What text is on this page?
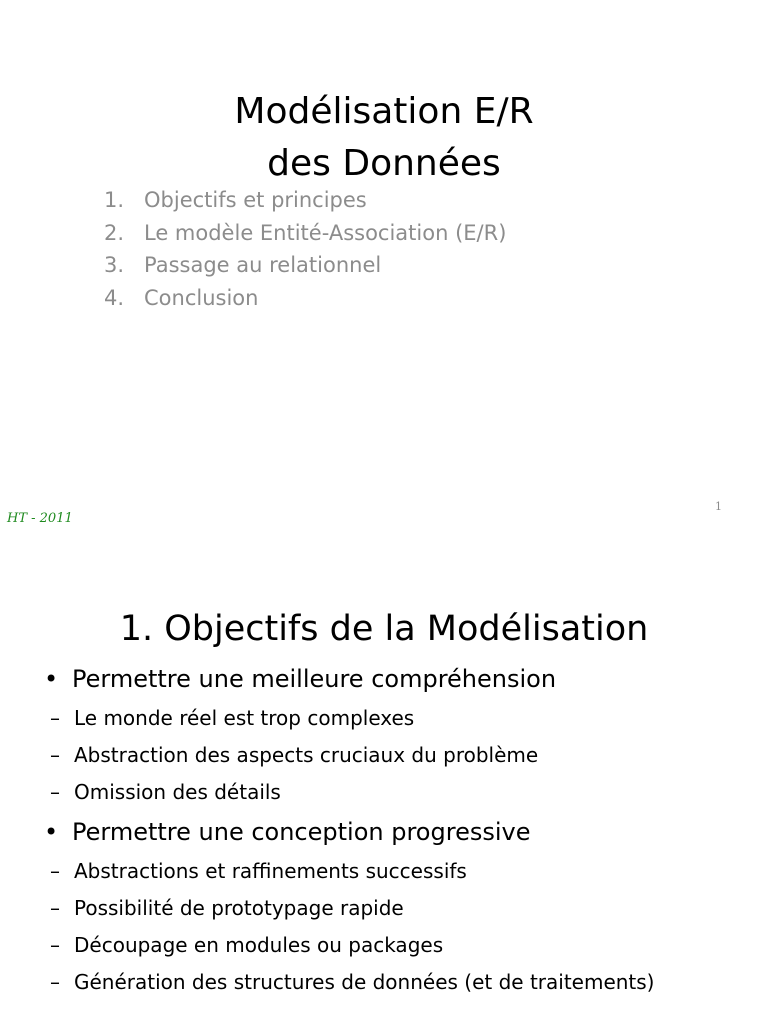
Modélisation E/R
des Données
1. Objectifs et principes
2. Le modèle Entité-Association (E/R)
3. Passage au relationnel
4. Conclusion
HT - 2011
1
1. Objectifs de la Modélisation
• Permettre une meilleure compréhension
– Le monde réel est trop complexes
– Abstraction des aspects cruciaux du problème
– Omission des détails
• Permettre une conception progressive
– Abstractions et raffinements successifs
– Possibilité de prototypage rapide
– Découpage en modules ou packages
– Génération des structures de données (et de traitements)
